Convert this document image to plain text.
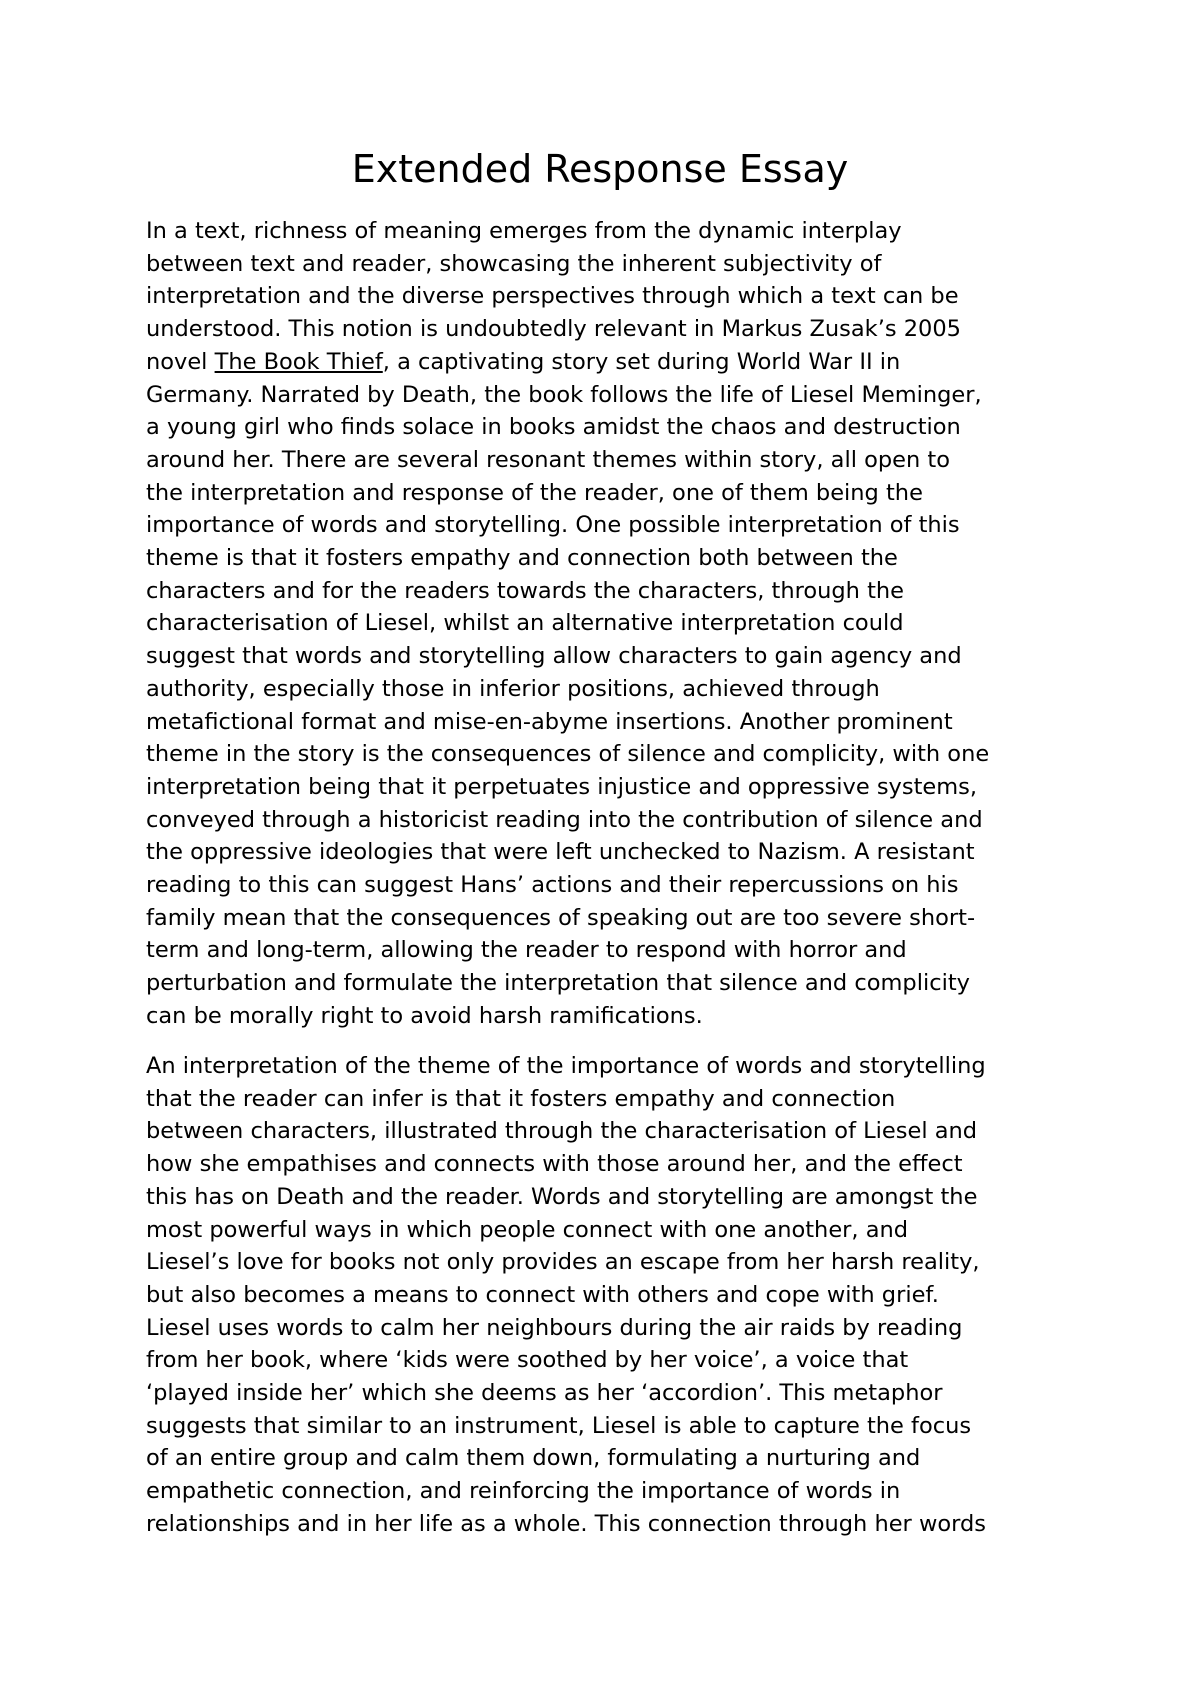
Extended Response Essay
In a text, richness of meaning emerges from the dynamic interplay
between text and reader, showcasing the inherent subjectivity of
interpretation and the diverse perspectives through which a text can be
understood. This notion is undoubtedly relevant in Markus Zusak’s 2005
novel The Book Thief, a captivating story set during World War II in
Germany. Narrated by Death, the book follows the life of Liesel Meminger,
a young girl who finds solace in books amidst the chaos and destruction
around her. There are several resonant themes within story, all open to
the interpretation and response of the reader, one of them being the
importance of words and storytelling. One possible interpretation of this
theme is that it fosters empathy and connection both between the
characters and for the readers towards the characters, through the
characterisation of Liesel, whilst an alternative interpretation could
suggest that words and storytelling allow characters to gain agency and
authority, especially those in inferior positions, achieved through
metafictional format and mise-en-abyme insertions. Another prominent
theme in the story is the consequences of silence and complicity, with one
interpretation being that it perpetuates injustice and oppressive systems,
conveyed through a historicist reading into the contribution of silence and
the oppressive ideologies that were left unchecked to Nazism. A resistant
reading to this can suggest Hans’ actions and their repercussions on his
family mean that the consequences of speaking out are too severe short-
term and long-term, allowing the reader to respond with horror and
perturbation and formulate the interpretation that silence and complicity
can be morally right to avoid harsh ramifications.
An interpretation of the theme of the importance of words and storytelling
that the reader can infer is that it fosters empathy and connection
between characters, illustrated through the characterisation of Liesel and
how she empathises and connects with those around her, and the effect
this has on Death and the reader. Words and storytelling are amongst the
most powerful ways in which people connect with one another, and
Liesel’s love for books not only provides an escape from her harsh reality,
but also becomes a means to connect with others and cope with grief.
Liesel uses words to calm her neighbours during the air raids by reading
from her book, where ‘kids were soothed by her voice’, a voice that
‘played inside her’ which she deems as her ‘accordion’. This metaphor
suggests that similar to an instrument, Liesel is able to capture the focus
of an entire group and calm them down, formulating a nurturing and
empathetic connection, and reinforcing the importance of words in
relationships and in her life as a whole. This connection through her words
